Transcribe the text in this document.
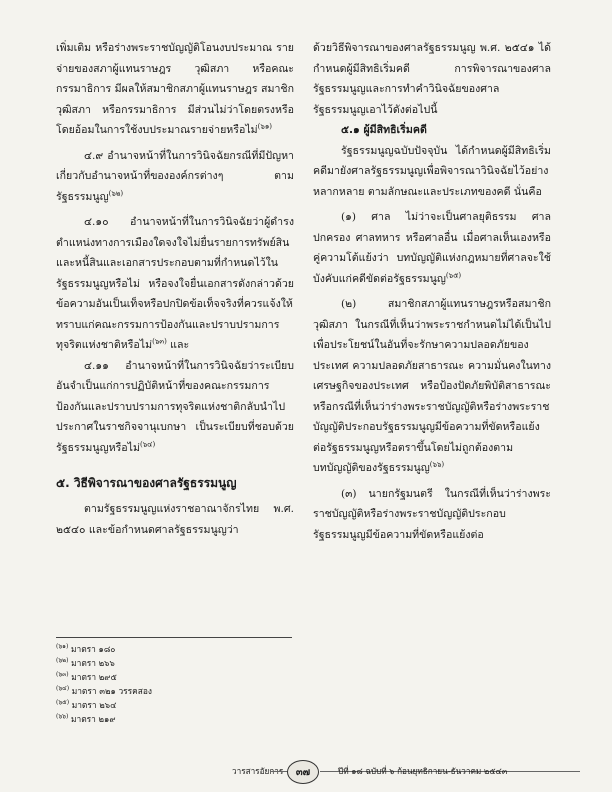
เพิ่มเติม หรือร่างพระราชบัญญัติโอนงบประมาณ รายจ่ายของสภาผู้แทนราษฎร วุฒิสภา หรือคณะกรรมาธิการ มีผลให้สมาชิกสภาผู้แทนราษฎร สมาชิกวุฒิสภา หรือกรรมาธิการ มีส่วนไม่ว่าโดยตรงหรือโดยอ้อมในการใช้งบประมาณรายจ่ายหรือไม่$^{(๖๑)}$

๔.๙ อำนาจหน้าที่ในการวินิจฉัยกรณีที่มีปัญหาเกี่ยวกับอำนาจหน้าที่ขององค์กรต่างๆ ตามรัฐธรรมนูญ$^{(๖๒)}$

๔.๑๐ อำนาจหน้าที่ในการวินิจฉัยว่าผู้ดำรงตำแหน่งทางการเมืองใดจงใจไม่ยื่นรายการทรัพย์สินและหนี้สินและเอกสารประกอบตามที่กำหนดไว้ในรัฐธรรมนูญหรือไม่ หรือจงใจยื่นเอกสารดังกล่าวด้วยข้อความอันเป็นเท็จหรือปกปิดข้อเท็จจริงที่ควรแจ้งให้ทราบแก่คณะกรรมการป้องกันและปราบปรามการทุจริตแห่งชาติหรือไม่$^{(๖๓)}$ และ

๔.๑๑ อำนาจหน้าที่ในการวินิจฉัยว่าระเบียบอันจำเป็นแก่การปฏิบัติหน้าที่ของคณะกรรมการป้องกันและปราบปรามการทุจริตแห่งชาติกลับนำไปประกาศในราชกิจจานุเบกษา เป็นระเบียบที่ชอบด้วยรัฐธรรมนูญหรือไม่$^{(๖๔)}$

๕. วิธีพิจารณาของศาลรัฐธรรมนูญ

ตามรัฐธรรมนูญแห่งราชอาณาจักรไทย พ.ศ. ๒๕๔๐ และข้อกำหนดศาลรัฐธรรมนูญว่า

ด้วยวิธีพิจารณาของศาลรัฐธรรมนูญ พ.ศ. ๒๕๔๑ ได้กำหนดผู้มีสิทธิเริ่มคดี การพิจารณาของศาลรัฐธรรมนูญและการทำคำวินิจฉัยของศาลรัฐธรรมนูญเอาไว้ดังต่อไปนี้

๕.๑ ผู้มีสิทธิเริ่มคดี

รัฐธรรมนูญฉบับปัจจุบัน ได้กำหนดผู้มีสิทธิเริ่มคดีมายังศาลรัฐธรรมนูญเพื่อพิจารณาวินิจฉัยไว้อย่างหลากหลาย ตามลักษณะและประเภทของคดี นั่นคือ

(๑) ศาล ไม่ว่าจะเป็นศาลยุติธรรม ศาลปกครอง ศาลทหาร หรือศาลอื่น เมื่อศาลเห็นเองหรือคู่ความโต้แย้งว่า บทบัญญัติแห่งกฎหมายที่ศาลจะใช้บังคับแก่คดีขัดต่อรัฐธรรมนูญ$^{(๖๕)}$

(๒) สมาชิกสภาผู้แทนราษฎรหรือสมาชิกวุฒิสภา ในกรณีที่เห็นว่าพระราชกำหนดไม่ได้เป็นไปเพื่อประโยชน์ในอันที่จะรักษาความปลอดภัยของประเทศ ความปลอดภัยสาธารณะ ความมั่นคงในทางเศรษฐกิจของประเทศ หรือป้องปัดภัยพิบัติสาธารณะ หรือกรณีที่เห็นว่าร่างพระราชบัญญัติหรือร่างพระราชบัญญัติประกอบรัฐธรรมนูญมีข้อความที่ขัดหรือแย้งต่อรัฐธรรมนูญหรือตราขึ้นโดยไม่ถูกต้องตามบทบัญญัติของรัฐธรรมนูญ$^{(๖๖)}$

(๓) นายกรัฐมนตรี ในกรณีที่เห็นว่าร่างพระราชบัญญัติหรือร่างพระราชบัญญัติประกอบรัฐธรรมนูญมีข้อความที่ขัดหรือแย้งต่อ

$^{(๖๑)}$ มาตรา ๑๘๐
$^{(๖๒)}$ มาตรา ๒๖๖
$^{(๖๓)}$ มาตรา ๒๙๕
$^{(๖๔)}$ มาตรา ๓๒๑ วรรคสอง
$^{(๖๕)}$ มาตรา ๒๖๔
$^{(๖๖)}$ มาตรา ๒๑๙
วารสารอัยการ ๓๗	ปีที่ ๑๘ ฉบับที่ ๖ ก้อนยุทธิกายน-ธันวาคม ๒๕๔๓
